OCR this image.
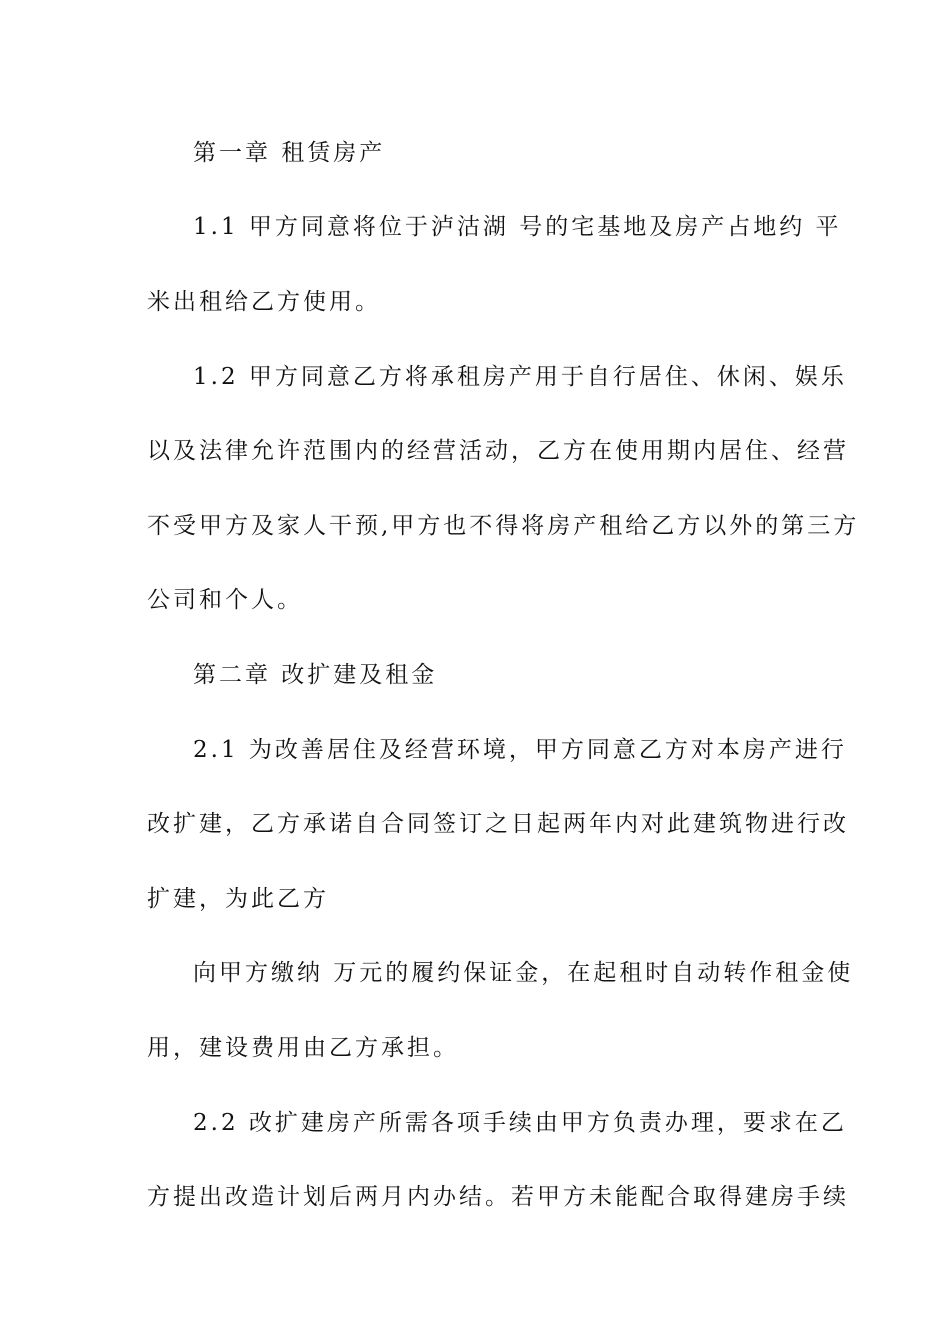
第一章 租赁房产
1.1 甲方同意将位于泸沽湖 号的宅基地及房产占地约 平
米出租给乙方使用。
1.2 甲方同意乙方将承租房产用于自行居住、休闲、娱乐
以及法律允许范围内的经营活动，乙方在使用期内居住、经营
不受甲方及家人干预,甲方也不得将房产租给乙方以外的第三方
公司和个人。
第二章 改扩建及租金
2.1 为改善居住及经营环境，甲方同意乙方对本房产进行
改扩建，乙方承诺自合同签订之日起两年内对此建筑物进行改
扩建，为此乙方
向甲方缴纳 万元的履约保证金，在起租时自动转作租金使
用，建设费用由乙方承担。
2.2 改扩建房产所需各项手续由甲方负责办理，要求在乙
方提出改造计划后两月内办结。若甲方未能配合取得建房手续
